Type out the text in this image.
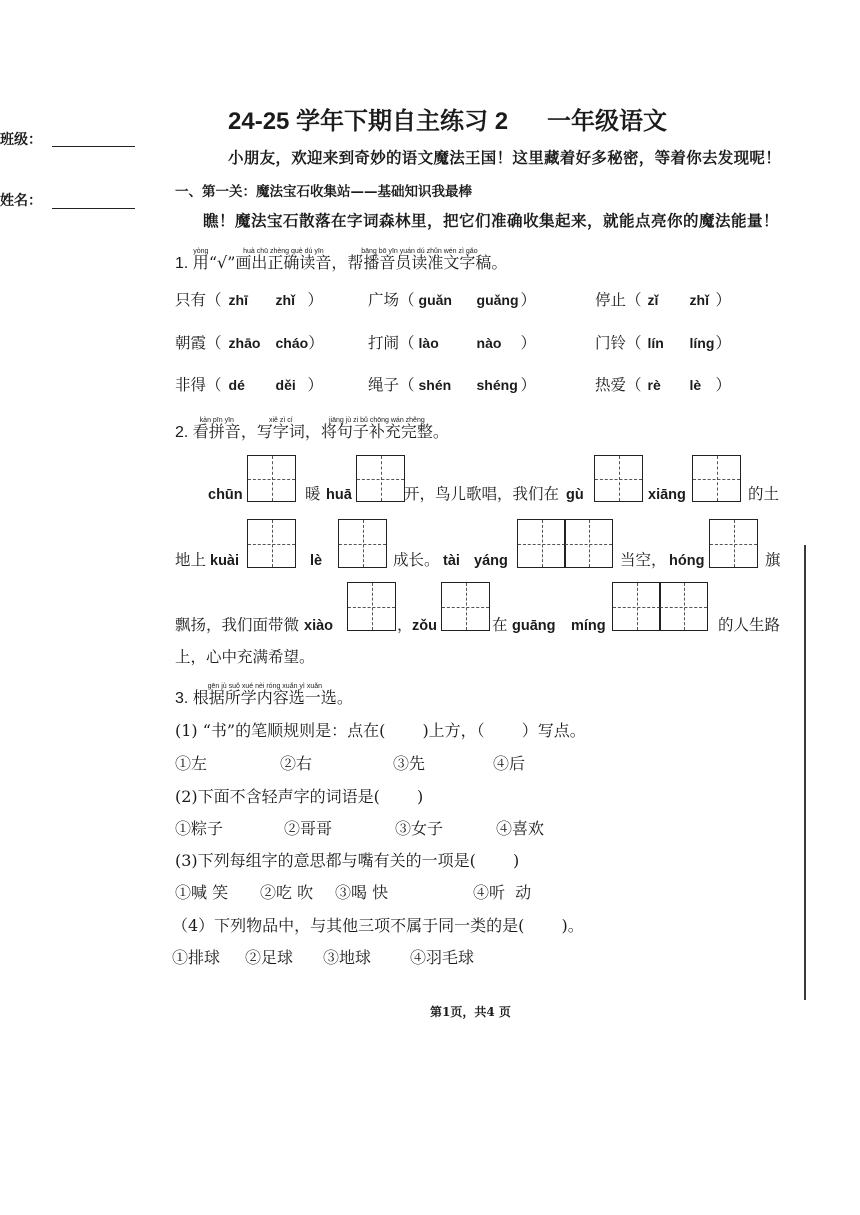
班级：
姓名：
24-25 学年下期自主练习 2 一年级语文
小朋友，欢迎来到奇妙的语文魔法王国！这里藏着好多秘密，等着你去发现呢！
一、第一关：魔法宝石收集站——基础知识我最棒
瞧！魔法宝石散落在字词森林里，把它们准确收集起来，就能点亮你的魔法能量！
1.
yòng
用“√”
huà chū zhèng què dú yīn
画出正确读音，
bāng bō yīn yuán dú zhǔn wén zì gǎo
帮播音员读准文字稿。
只有（ zhī zhǐ ）	广场（ guǎn guǎng ）	停止（ zǐ zhǐ ）
朝霞（ zhāo cháo）	打闹（ lào	nào ）	门铃（ lín líng）
非得（ dé děi ）	绳子（ shén shéng ）	热爱（ rè lè ）
2.
kàn pīn yīn
看拼音，
xiě zì cí
写字词，
jiāng jù zi bǔ chōng wán zhěng
将句子补充完整。
chūn	暖 huā	开，鸟儿歌唱，我们在 gù	xiāng	的土
地上 kuài	lè	成长。 tài yáng	当空， hóng	旗
飘扬，我们面带微 xiào	， zǒu	在 guāng míng	的人生路
上，心中充满希望。
3.
gēn jù suǒ xué nèi róng xuǎn yì xuǎn
根据所学内容选一选。
(1) “书”的笔顺规则是：点在(　　 )上方，（　　 ）写点。
①左	②右	③先	④后
(2)下面不含轻声字的词语是(　　 )
①粽子	②哥哥	③女子	④喜欢
(3)下列每组字的意思都与嘴有关的一项是(　　 )
①喊 笑 ②吃 吹 ③喝 快	④听  动
（4）下列物品中，与其他三项不属于同一类的是(　　 )。
①排球 ②足球 ③地球 ④羽毛球
第1页，共4 页
